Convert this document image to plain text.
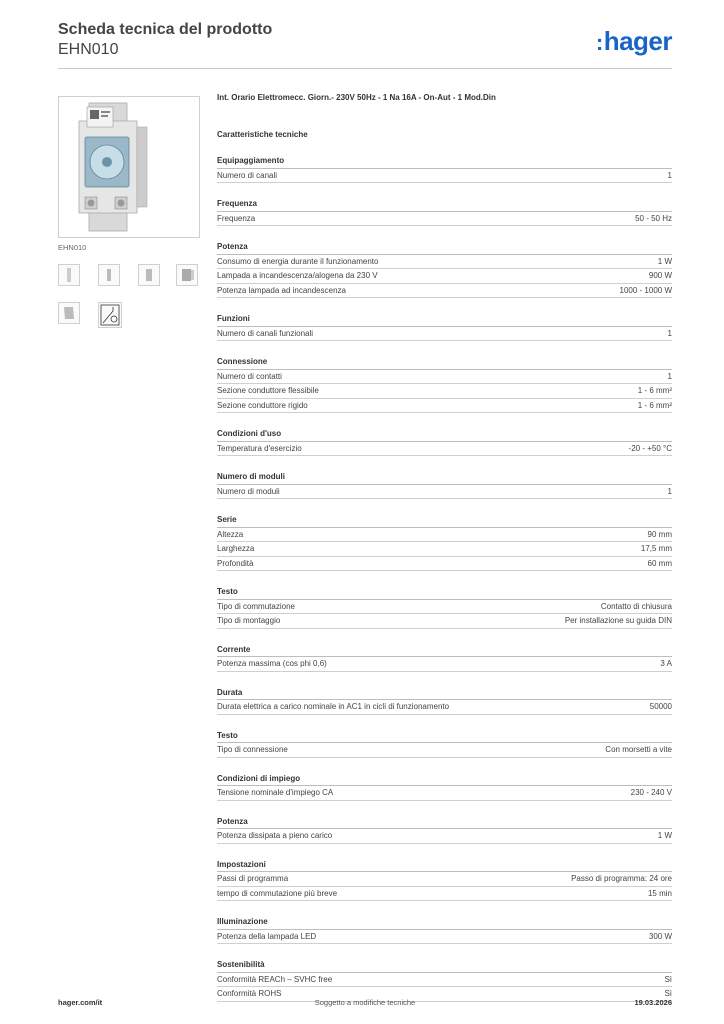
Scheda tecnica del prodotto
EHN010	:hager
EHN010
Int. Orario Elettromecc. Giorn.- 230V 50Hz - 1 Na 16A - On-Aut - 1 Mod.Din
Caratteristiche tecniche
Equipaggiamento
Numero di canali	1
Frequenza
Frequenza	50 - 50 Hz
Potenza
Consumo di energia durante il funzionamento	1 W
Lampada a incandescenza/alogena da 230 V	900 W
Potenza lampada ad incandescenza	1000 - 1000 W
Funzioni
Numero di canali funzionali	1
Connessione
Numero di contatti	1
Sezione conduttore flessibile	1 - 6 mm²
Sezione conduttore rigido	1 - 6 mm²
Condizioni d'uso
Temperatura d'esercizio	-20 - +50 °C
Numero di moduli
Numero di moduli	1
Serie
Altezza	90 mm
Larghezza	17,5 mm
Profondità	60 mm
Testo
Tipo di commutazione	Contatto di chiusura
Tipo di montaggio	Per installazione su guida DIN
Corrente
Potenza massima (cos phi 0,6)	3 A
Durata
Durata elettrica a carico nominale in AC1 in cicli di funzionamento	50000
Testo
Tipo di connessione	Con morsetti a vite
Condizioni di impiego
Tensione nominale d'impiego CA	230 - 240 V
Potenza
Potenza dissipata a pieno carico	1 W
Impostazioni
Passi di programma	Passo di programma: 24 ore
tempo di commutazione più breve	15 min
Illuminazione
Potenza della lampada LED	300 W
Sostenibilità
Conformità REACh – SVHC free	Sì
Conformità ROHS	Sì
hager.com/it	Soggetto a modifiche tecniche	19.03.2026
